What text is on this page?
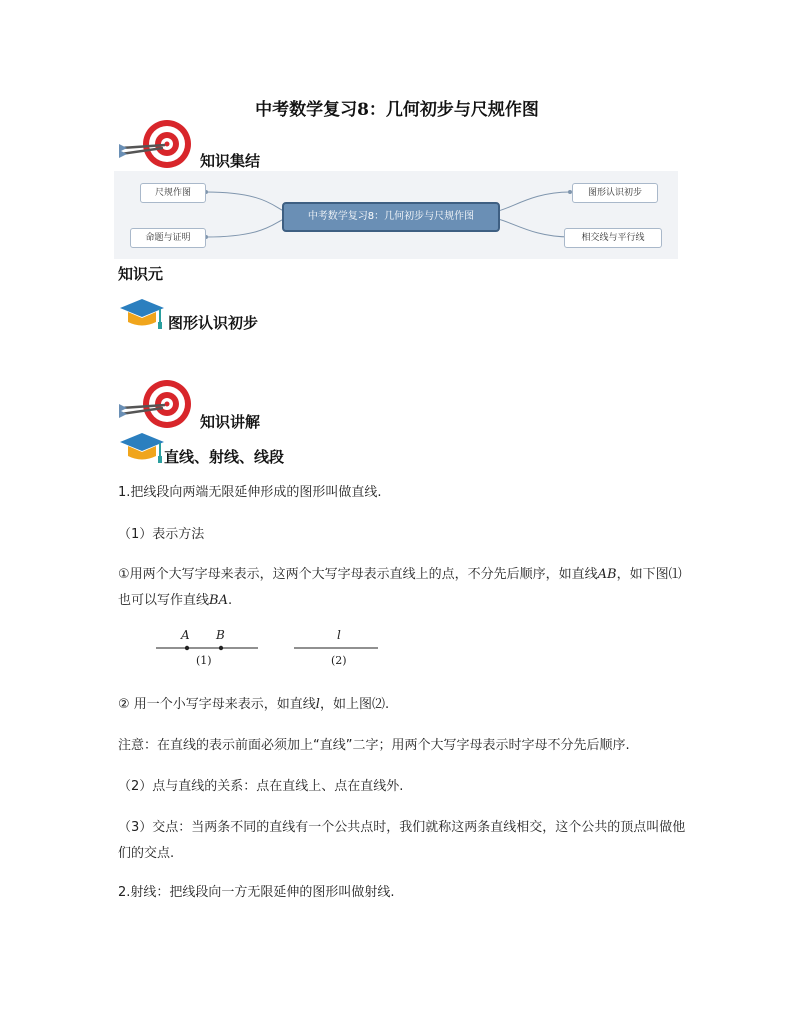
中考数学复习8：几何初步与尺规作图
知识集结
尺规作图
命题与证明
中考数学复习8：几何初步与尺规作图
图形认识初步
相交线与平行线
知识元
图形认识初步
知识讲解
直线、射线、线段
1.把线段向两端无限延伸形成的图形叫做直线.
（1）表示方法
①用两个大写字母来表示，这两个大写字母表示直线上的点，不分先后顺序，如直线AB，如下图⑴也可以写作直线BA.
A B	l
(1)	(2)
② 用一个小写字母来表示，如直线l，如上图⑵.
注意：在直线的表示前面必须加上“直线”二字；用两个大写字母表示时字母不分先后顺序.
（2）点与直线的关系：点在直线上、点在直线外.
（3）交点：当两条不同的直线有一个公共点时，我们就称这两条直线相交，这个公共的顶点叫做他们的交点.
2.射线：把线段向一方无限延伸的图形叫做射线.
